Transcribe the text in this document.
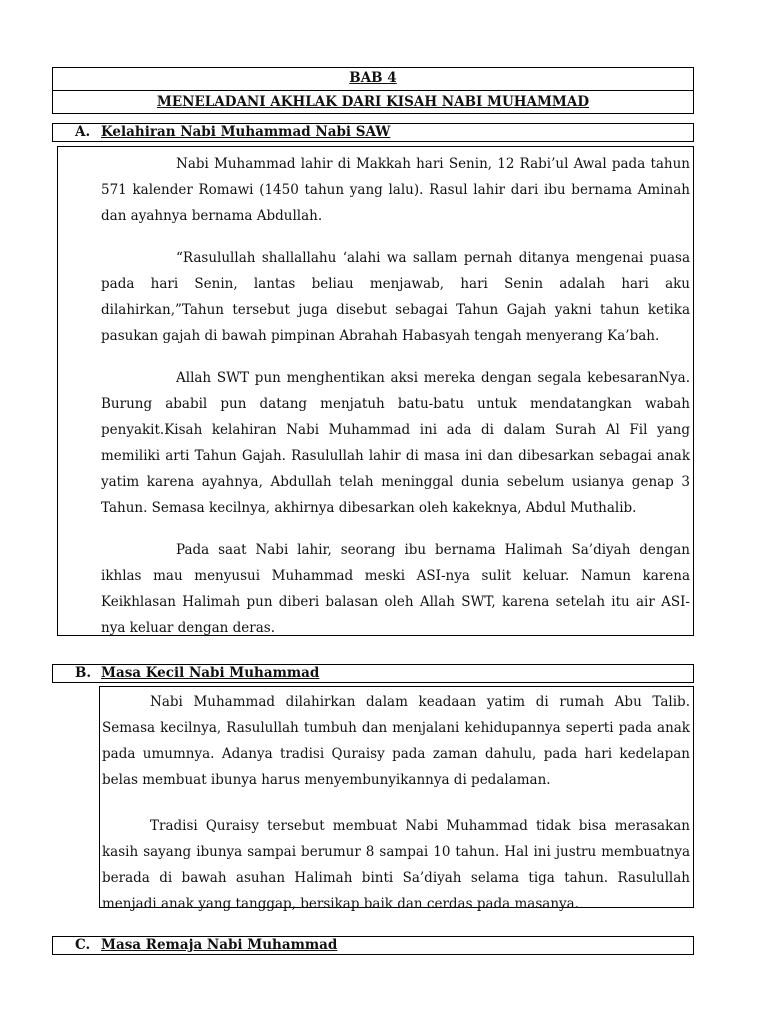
BAB 4
MENELADANI AKHLAK DARI KISAH NABI MUHAMMAD
A. Kelahiran Nabi Muhammad Nabi SAW

Nabi Muhammad lahir di Makkah hari Senin, 12 Rabi’ul Awal pada tahun 571 kalender Romawi (1450 tahun yang lalu). Rasul lahir dari ibu bernama Aminah dan ayahnya bernama Abdullah.

“Rasulullah shallallahu ‘alahi wa sallam pernah ditanya mengenai puasa pada hari Senin, lantas beliau menjawab, hari Senin adalah hari aku dilahirkan,”Tahun tersebut juga disebut sebagai Tahun Gajah yakni tahun ketika pasukan gajah di bawah pimpinan Abrahah Habasyah tengah menyerang Ka’bah.

Allah SWT pun menghentikan aksi mereka dengan segala kebesaranNya. Burung ababil pun datang menjatuh batu-batu untuk mendatangkan wabah penyakit.Kisah kelahiran Nabi Muhammad ini ada di dalam Surah Al Fil yang memiliki arti Tahun Gajah. Rasulullah lahir di masa ini dan dibesarkan sebagai anak yatim karena ayahnya, Abdullah telah meninggal dunia sebelum usianya genap 3 Tahun. Semasa kecilnya, akhirnya dibesarkan oleh kakeknya, Abdul Muthalib.

Pada saat Nabi lahir, seorang ibu bernama Halimah Sa’diyah dengan ikhlas mau menyusui Muhammad meski ASI-nya sulit keluar. Namun karena Keikhlasan Halimah pun diberi balasan oleh Allah SWT, karena setelah itu air ASI-nya keluar dengan deras.

B. Masa Kecil Nabi Muhammad

Nabi Muhammad dilahirkan dalam keadaan yatim di rumah Abu Talib. Semasa kecilnya, Rasulullah tumbuh dan menjalani kehidupannya seperti pada anak pada umumnya. Adanya tradisi Quraisy pada zaman dahulu, pada hari kedelapan belas membuat ibunya harus menyembunyikannya di pedalaman.

Tradisi Quraisy tersebut membuat Nabi Muhammad tidak bisa merasakan kasih sayang ibunya sampai berumur 8 sampai 10 tahun. Hal ini justru membuatnya berada di bawah asuhan Halimah binti Sa’diyah selama tiga tahun. Rasulullah menjadi anak yang tanggap, bersikap baik dan cerdas pada masanya.

C. Masa Remaja Nabi Muhammad
